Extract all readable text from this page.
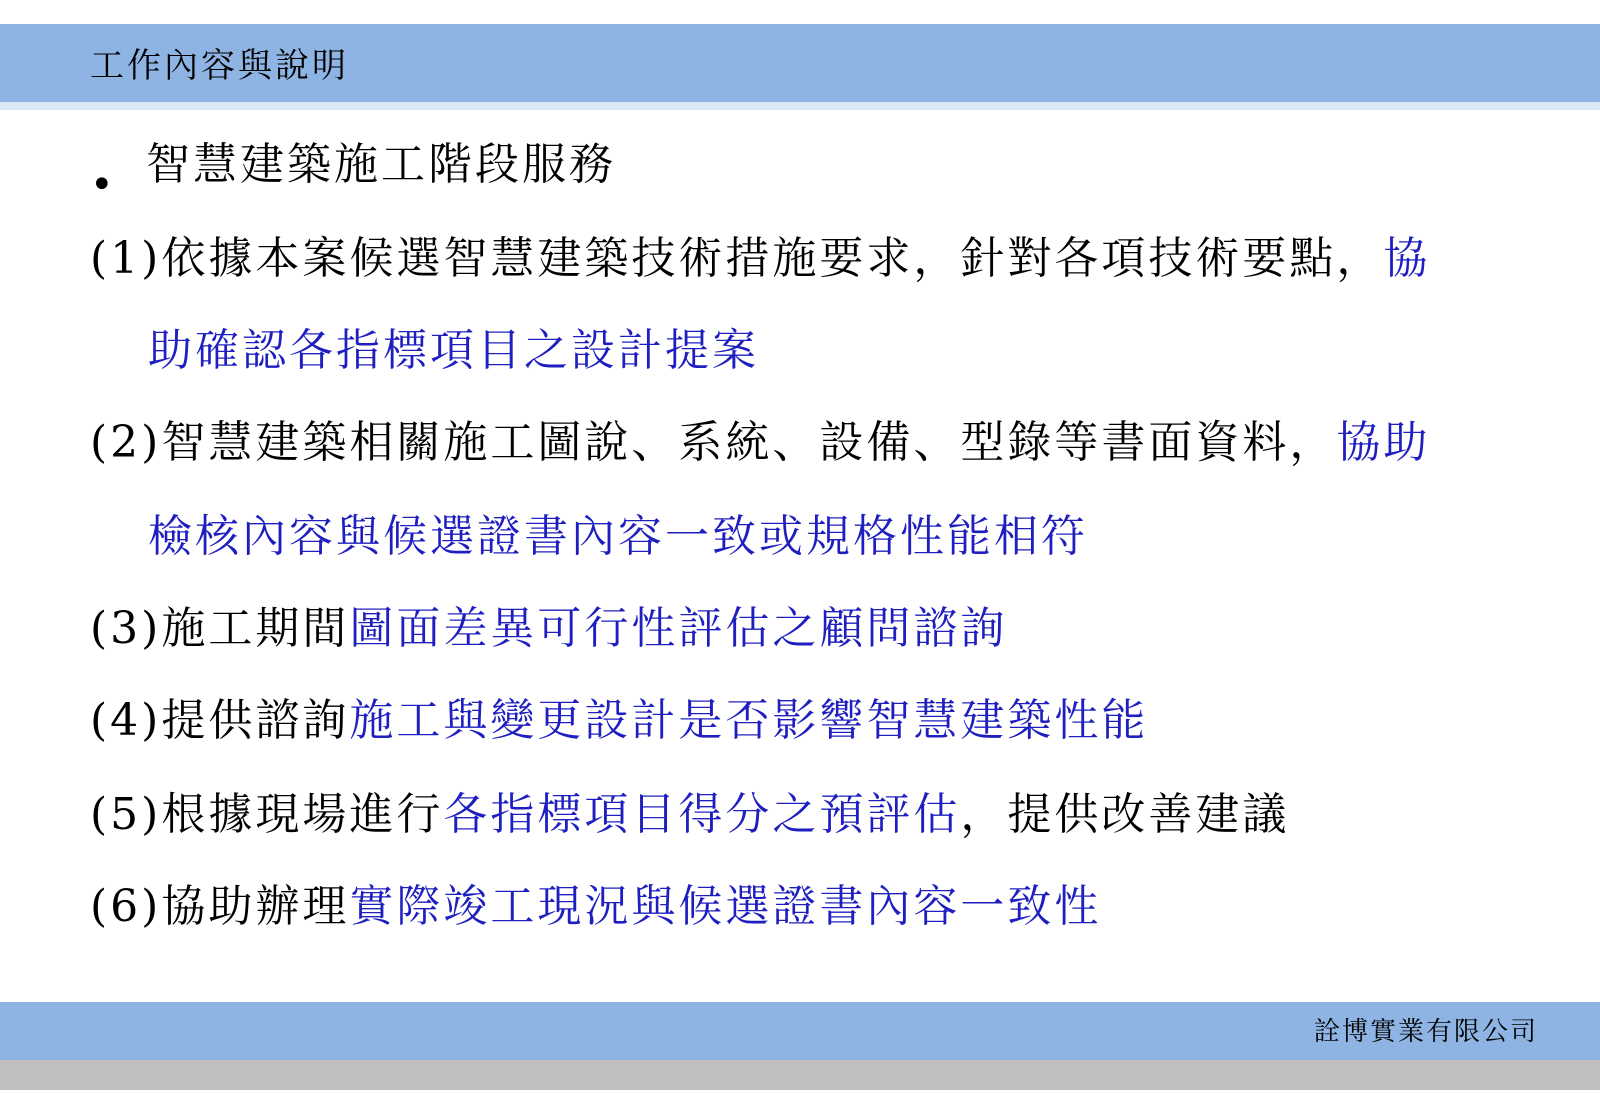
工作內容與說明
• 智慧建築施工階段服務
(1)依據本案候選智慧建築技術措施要求，針對各項技術要點，協
助確認各指標項目之設計提案
(2)智慧建築相關施工圖說、系統、設備、型錄等書面資料，協助
檢核內容與候選證書內容一致或規格性能相符
(3)施工期間圖面差異可行性評估之顧問諮詢
(4)提供諮詢施工與變更設計是否影響智慧建築性能
(5)根據現場進行各指標項目得分之預評估，提供改善建議
(6)協助辦理實際竣工現況與候選證書內容一致性
詮博實業有限公司
